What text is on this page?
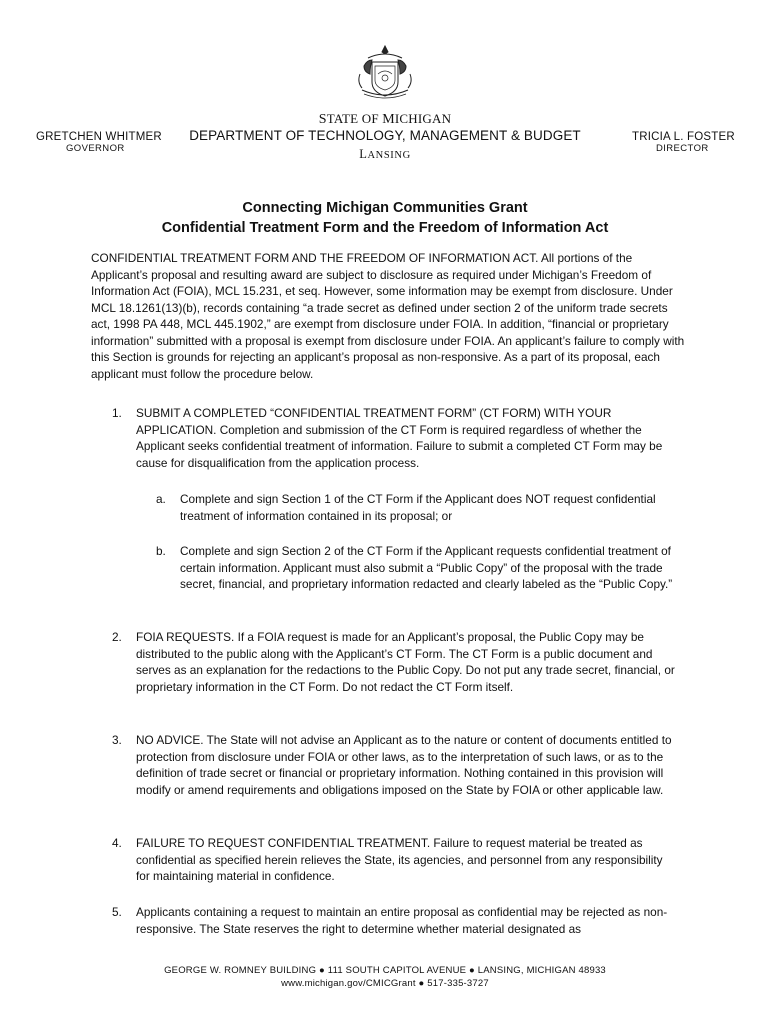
STATE OF MICHIGAN
DEPARTMENT OF TECHNOLOGY, MANAGEMENT & BUDGET
LANSING
GRETCHEN WHITMER
GOVERNOR
TRICIA L. FOSTER
DIRECTOR
Connecting Michigan Communities Grant
Confidential Treatment Form and the Freedom of Information Act
CONFIDENTIAL TREATMENT FORM AND THE FREEDOM OF INFORMATION ACT. All portions of the Applicant’s proposal and resulting award are subject to disclosure as required under Michigan’s Freedom of Information Act (FOIA), MCL 15.231, et seq. However, some information may be exempt from disclosure. Under MCL 18.1261(13)(b), records containing “a trade secret as defined under section 2 of the uniform trade secrets act, 1998 PA 448, MCL 445.1902,” are exempt from disclosure under FOIA. In addition, “financial or proprietary information” submitted with a proposal is exempt from disclosure under FOIA. An applicant’s failure to comply with this Section is grounds for rejecting an applicant’s proposal as non-responsive. As a part of its proposal, each applicant must follow the procedure below.
1. SUBMIT A COMPLETED “CONFIDENTIAL TREATMENT FORM” (CT FORM) WITH YOUR APPLICATION. Completion and submission of the CT Form is required regardless of whether the Applicant seeks confidential treatment of information. Failure to submit a completed CT Form may be cause for disqualification from the application process.
a. Complete and sign Section 1 of the CT Form if the Applicant does NOT request confidential treatment of information contained in its proposal; or
b. Complete and sign Section 2 of the CT Form if the Applicant requests confidential treatment of certain information. Applicant must also submit a “Public Copy” of the proposal with the trade secret, financial, and proprietary information redacted and clearly labeled as the “Public Copy.”
2. FOIA REQUESTS. If a FOIA request is made for an Applicant’s proposal, the Public Copy may be distributed to the public along with the Applicant’s CT Form. The CT Form is a public document and serves as an explanation for the redactions to the Public Copy. Do not put any trade secret, financial, or proprietary information in the CT Form. Do not redact the CT Form itself.
3. NO ADVICE. The State will not advise an Applicant as to the nature or content of documents entitled to protection from disclosure under FOIA or other laws, as to the interpretation of such laws, or as to the definition of trade secret or financial or proprietary information. Nothing contained in this provision will modify or amend requirements and obligations imposed on the State by FOIA or other applicable law.
4. FAILURE TO REQUEST CONFIDENTIAL TREATMENT. Failure to request material be treated as confidential as specified herein relieves the State, its agencies, and personnel from any responsibility for maintaining material in confidence.
5. Applicants containing a request to maintain an entire proposal as confidential may be rejected as non-responsive. The State reserves the right to determine whether material designated as
GEORGE W. ROMNEY BUILDING ● 111 SOUTH CAPITOL AVENUE ● LANSING, MICHIGAN 48933
www.michigan.gov/CMICGrant ● 517-335-3727
